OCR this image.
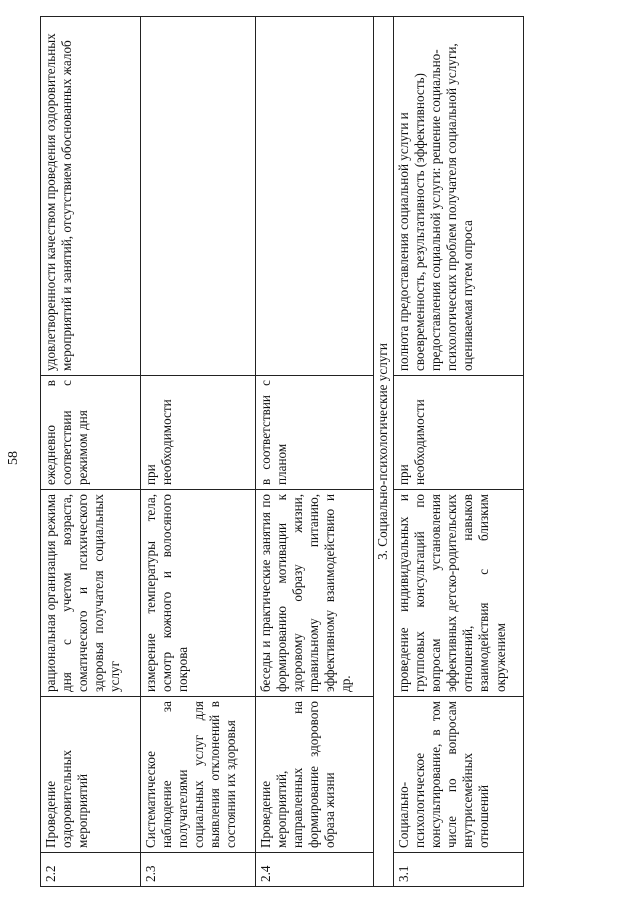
58
2.2	Проведение оздоровительных мероприятий	рациональная организация режима дня с учетом возраста, соматического и психического здоровья получателя социальных услуг	ежедневно в соответствии с режимом дня	удовлетворенности качеством проведения оздоровительных мероприятий и занятий, отсутствием обоснованных жалоб
2.3	Систематическое наблюдение за получателями социальных услуг для выявления отклонений в состоянии их здоровья	измерение температуры тела, осмотр кожного и волосяного покрова	при необходимости	
2.4	Проведение мероприятий, направленных на формирование здорового образа жизни	беседы и практические занятия по формированию мотивации к здоровому образу жизни, правильному питанию, эффективному взаимодействию и др.	в соответствии с планом	
3. Социально-психологические услуги				
3.1	Социально-психологическое консультирование, в том числе по вопросам внутрисемейных отношений	проведение индивидуальных и групповых консультаций по вопросам установления эффективных детско-родительских отношений, навыков взаимодействия с близким окружением	при необходимости	полнота предоставления социальной услуги и своевременность, результативность (эффективность) предоставления социальной услуги: решение социально-психологических проблем получателя социальной услуги, оцениваемая путем опроса
